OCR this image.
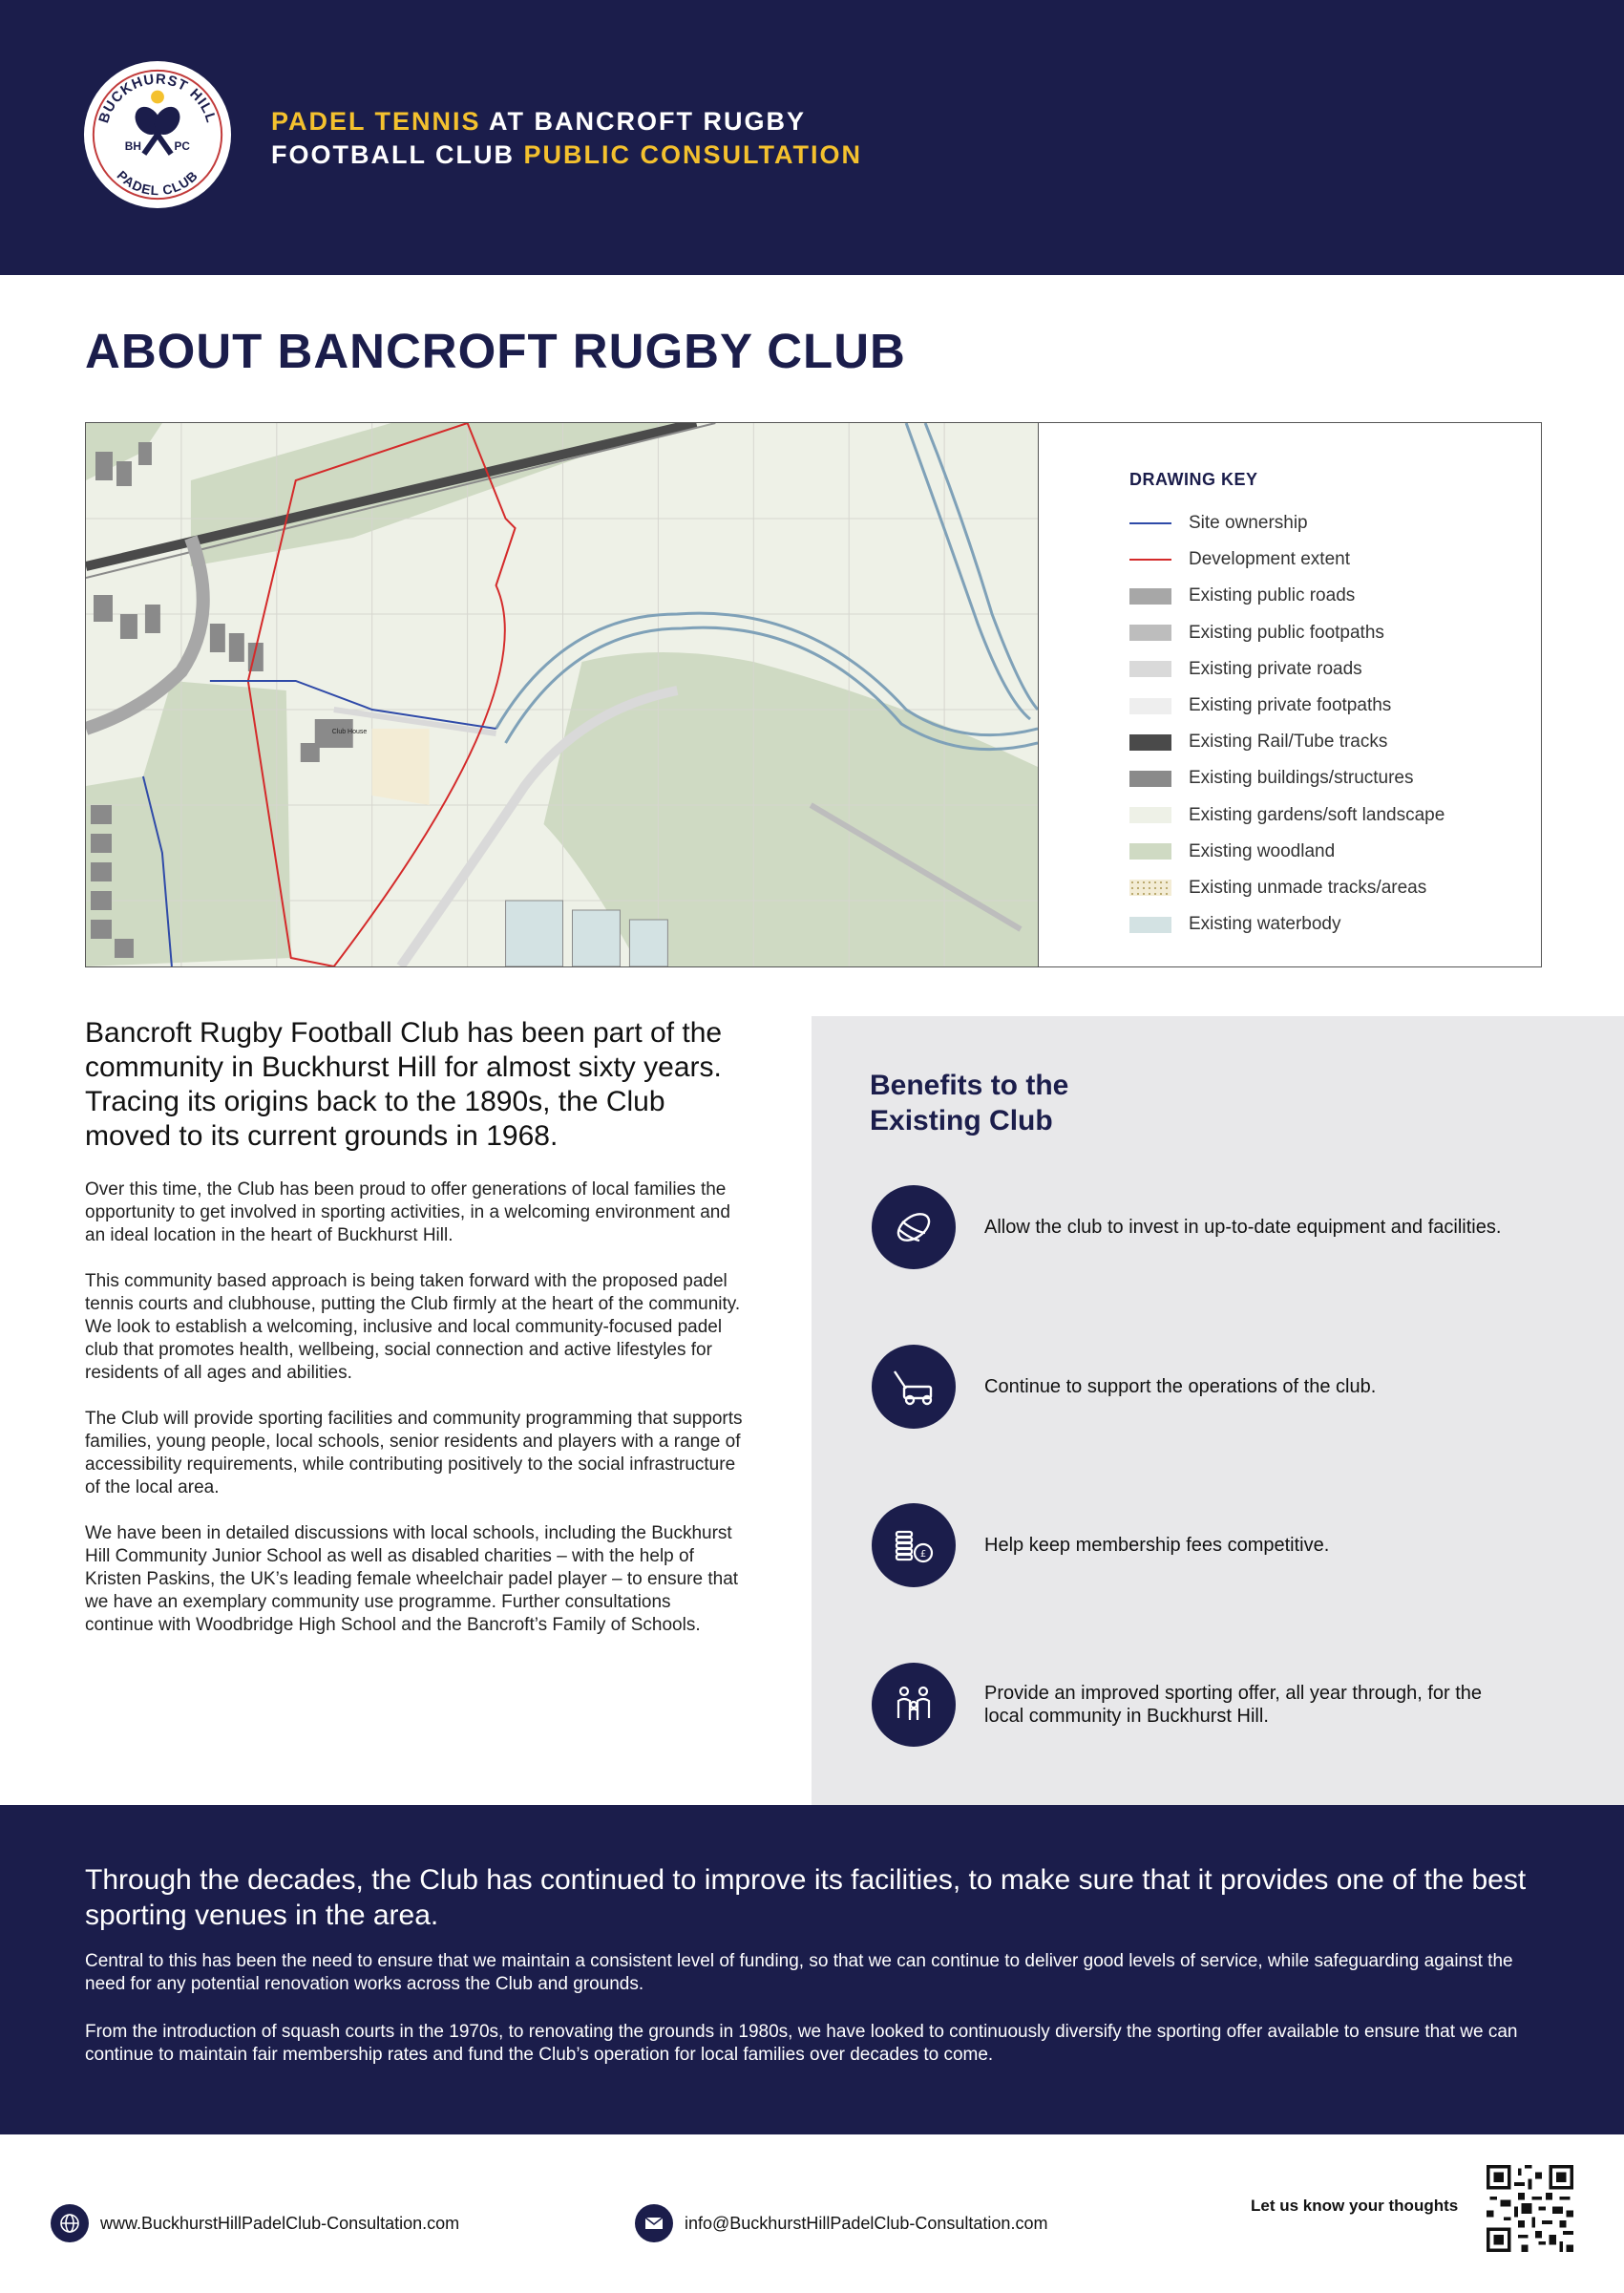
BUCKHURST HILL
PADEL CLUB
BH	PC
PADEL TENNIS AT BANCROFT RUGBY
FOOTBALL CLUB PUBLIC CONSULTATION
ABOUT BANCROFT RUGBY CLUB
Club House
DRAWING KEY
Site ownership
Development extent
Existing public roads
Existing public footpaths
Existing private roads
Existing private footpaths
Existing Rail/Tube tracks
Existing buildings/structures
Existing gardens/soft landscape
Existing woodland
Existing unmade tracks/areas
Existing waterbody

Bancroft Rugby Football Club has been part of the community in Buckhurst Hill for almost sixty years. Tracing its origins back to the 1890s, the Club moved to its current grounds in 1968.

Over this time, the Club has been proud to offer generations of local families the opportunity to get involved in sporting activities, in a welcoming environment and an ideal location in the heart of Buckhurst Hill.

This community based approach is being taken forward with the proposed padel tennis courts and clubhouse, putting the Club firmly at the heart of the community. We look to establish a welcoming, inclusive and local community-focused padel club that promotes health, wellbeing, social connection and active lifestyles for residents of all ages and abilities.

The Club will provide sporting facilities and community programming that supports families, young people, local schools, senior residents and players with a range of accessibility requirements, while contributing positively to the social infrastructure of the local area.

We have been in detailed discussions with local schools, including the Buckhurst Hill Community Junior School as well as disabled charities – with the help of Kristen Paskins, the UK’s leading female wheelchair padel player – to ensure that we have an exemplary community use programme. Further consultations continue with Woodbridge High School and the Bancroft’s Family of Schools.

Benefits to the Existing Club
Allow the club to invest in up-to-date equipment and facilities.
Continue to support the operations of the club.
£	Help keep membership fees competitive.
Provide an improved sporting offer, all year through, for the local community in Buckhurst Hill.

Through the decades, the Club has continued to improve its facilities, to make sure that it provides one of the best sporting venues in the area.

Central to this has been the need to ensure that we maintain a consistent level of funding, so that we can continue to deliver good levels of service, while safeguarding against the need for any potential renovation works across the Club and grounds.

From the introduction of squash courts in the 1970s, to renovating the grounds in 1980s, we have looked to continuously diversify the sporting offer available to ensure that we can continue to maintain fair membership rates and fund the Club’s operation for local families over decades to come.

www.BuckhurstHillPadelClub-Consultation.com	info@BuckhurstHillPadelClub-Consultation.com
Let us know your thoughts
